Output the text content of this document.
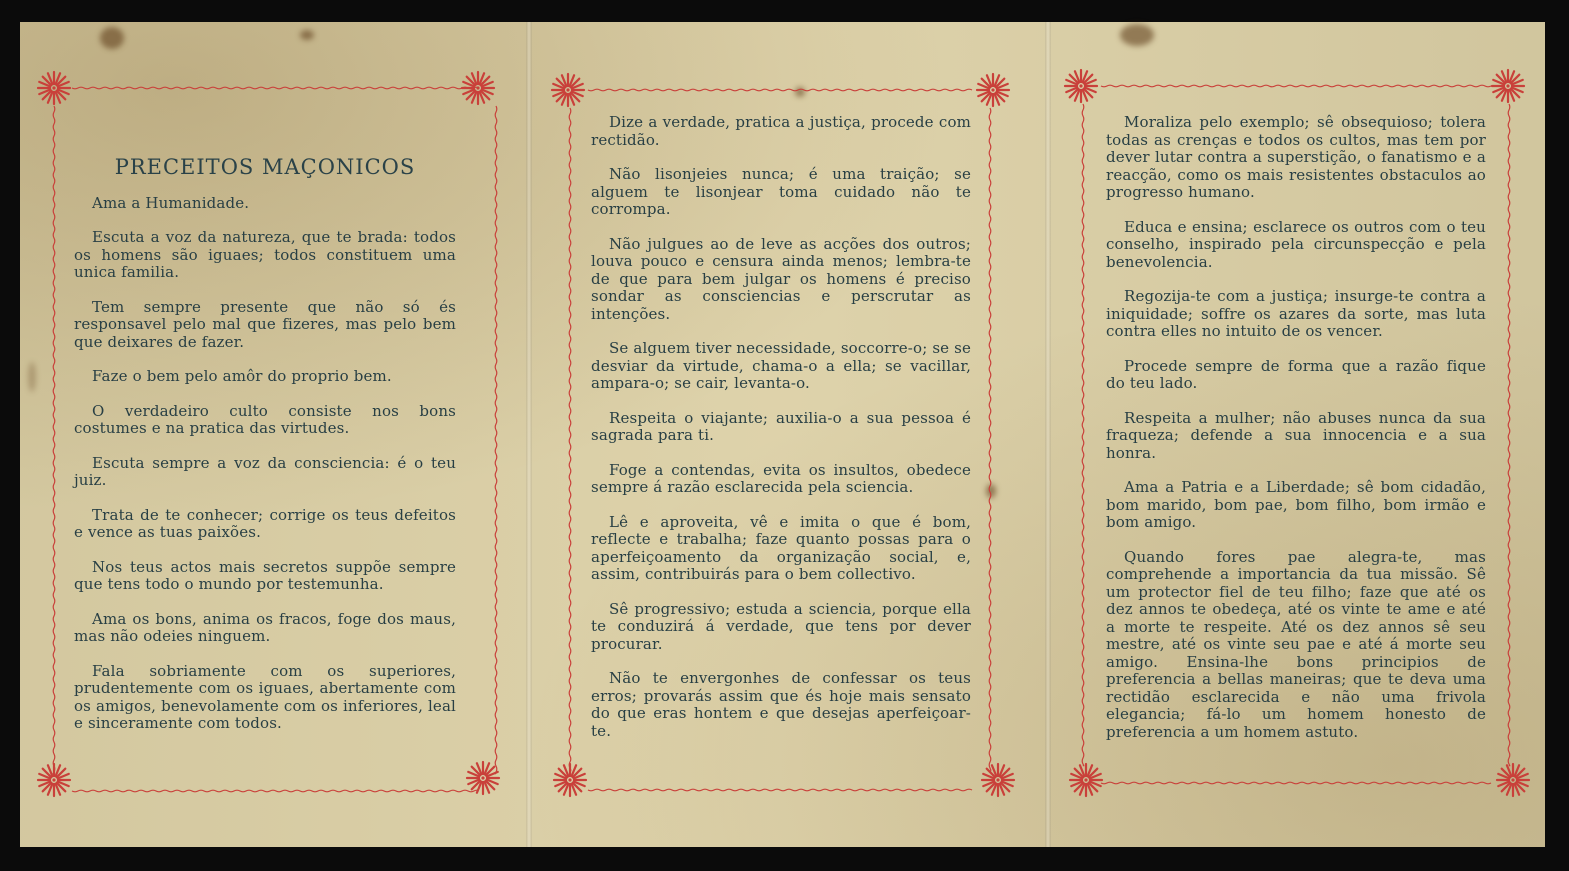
PRECEITOS MAÇONICOS

Ama a Humanidade.

Escuta a voz da natureza, que te brada: todos os homens são iguaes; todos constituem uma unica familia.

Tem sempre presente que não só és responsavel pelo mal que fizeres, mas pelo bem que deixares de fazer.

Faze o bem pelo amôr do proprio bem.

O verdadeiro culto consiste nos bons costumes e na pratica das virtudes.

Escuta sempre a voz da consciencia: é o teu juiz.

Trata de te conhecer; corrige os teus defeitos e vence as tuas paixões.

Nos teus actos mais secretos suppõe sempre que tens todo o mundo por testemunha.

Ama os bons, anima os fracos, foge dos maus, mas não odeies ninguem.

Fala sobriamente com os superiores, prudentemente com os iguaes, abertamente com os amigos, benevolamente com os inferiores, leal e sinceramente com todos.

Dize a verdade, pratica a justiça, procede com rectidão.

Não lisonjeies nunca; é uma traição; se alguem te lisonjear toma cuidado não te corrompa.

Não julgues ao de leve as acções dos outros; louva pouco e censura ainda menos; lembra-te de que para bem julgar os homens é preciso sondar as consciencias e perscrutar as intenções.

Se alguem tiver necessidade, soccorre-o; se se desviar da virtude, chama-o a ella; se vacillar, ampara-o; se cair, levanta-o.

Respeita o viajante; auxilia-o a sua pessoa é sagrada para ti.

Foge a contendas, evita os insultos, obedece sempre á razão esclarecida pela sciencia.

Lê e aproveita, vê e imita o que é bom, reflecte e trabalha; faze quanto possas para o aperfeiçoamento da organização social, e, assim, contribuirás para o bem collectivo.

Sê progressivo; estuda a sciencia, porque ella te conduzirá á verdade, que tens por dever procurar.

Não te envergonhes de confessar os teus erros; provarás assim que és hoje mais sensato do que eras hontem e que desejas aperfeiçoar-te.

Moraliza pelo exemplo; sê obsequioso; tolera todas as crenças e todos os cultos, mas tem por dever lutar contra a superstição, o fanatismo e a reacção, como os mais resistentes obstaculos ao progresso humano.

Educa e ensina; esclarece os outros com o teu conselho, inspirado pela circunspecção e pela benevolencia.

Regozija-te com a justiça; insurge-te contra a iniquidade; soffre os azares da sorte, mas luta contra elles no intuito de os vencer.

Procede sempre de forma que a razão fique do teu lado.

Respeita a mulher; não abuses nunca da sua fraqueza; defende a sua innocencia e a sua honra.

Ama a Patria e a Liberdade; sê bom cidadão, bom marido, bom pae, bom filho, bom irmão e bom amigo.

Quando fores pae alegra-te, mas comprehende a importancia da tua missão. Sê um protector fiel de teu filho; faze que até os dez annos te obedeça, até os vinte te ame e até a morte te respeite. Até os dez annos sê seu mestre, até os vinte seu pae e até á morte seu amigo. Ensina-lhe bons principios de preferencia a bellas maneiras; que te deva uma rectidão esclarecida e não uma frivola elegancia; fá-lo um homem honesto de preferencia a um homem astuto.
